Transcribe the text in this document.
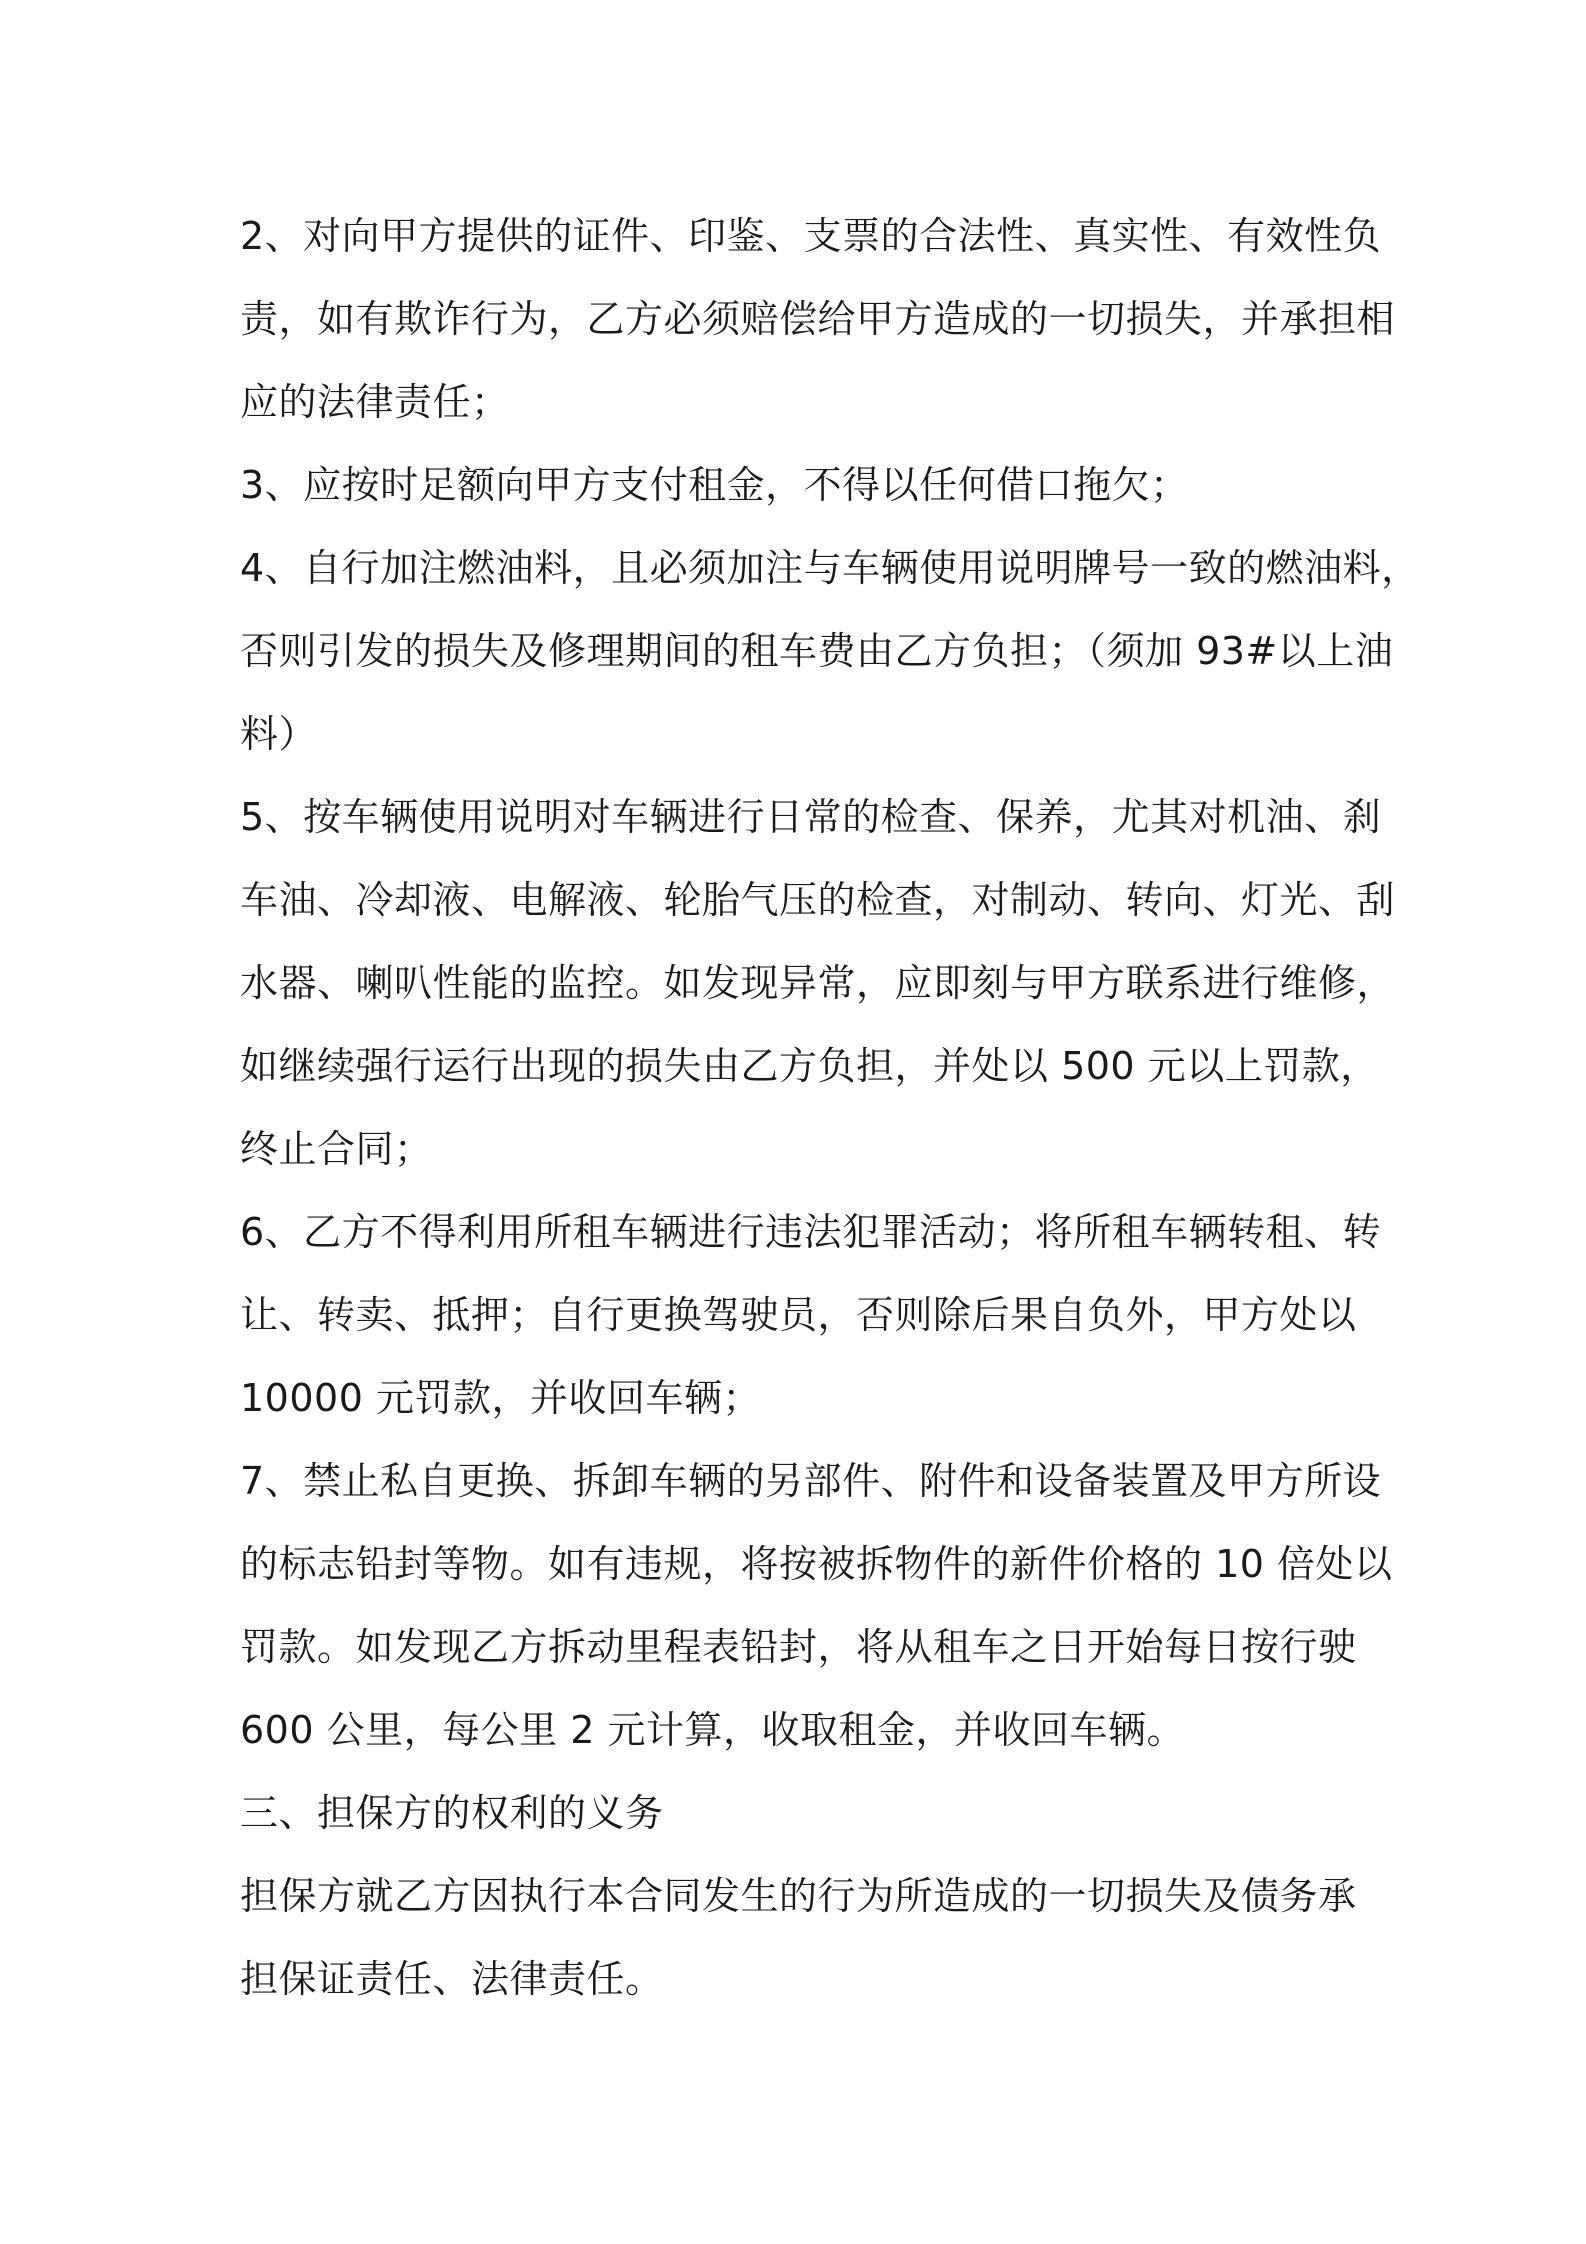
2、对向甲方提供的证件、印鉴、支票的合法性、真实性、有效性负
责，如有欺诈行为，乙方必须赔偿给甲方造成的一切损失，并承担相
应的法律责任；
3、应按时足额向甲方支付租金，不得以任何借口拖欠；
4、自行加注燃油料，且必须加注与车辆使用说明牌号一致的燃油料，
否则引发的损失及修理期间的租车费由乙方负担；（须加 93#以上油
料）
5、按车辆使用说明对车辆进行日常的检查、保养，尤其对机油、刹
车油、冷却液、电解液、轮胎气压的检查，对制动、转向、灯光、刮
水器、喇叭性能的监控。如发现异常，应即刻与甲方联系进行维修，
如继续强行运行出现的损失由乙方负担，并处以 500 元以上罚款，
终止合同；
6、乙方不得利用所租车辆进行违法犯罪活动；将所租车辆转租、转
让、转卖、抵押；自行更换驾驶员，否则除后果自负外，甲方处以
10000 元罚款，并收回车辆；
7、禁止私自更换、拆卸车辆的另部件、附件和设备装置及甲方所设
的标志铅封等物。如有违规，将按被拆物件的新件价格的 10 倍处以
罚款。如发现乙方拆动里程表铅封，将从租车之日开始每日按行驶
600 公里，每公里 2 元计算，收取租金，并收回车辆。
三、担保方的权利的义务
担保方就乙方因执行本合同发生的行为所造成的一切损失及债务承
担保证责任、法律责任。
